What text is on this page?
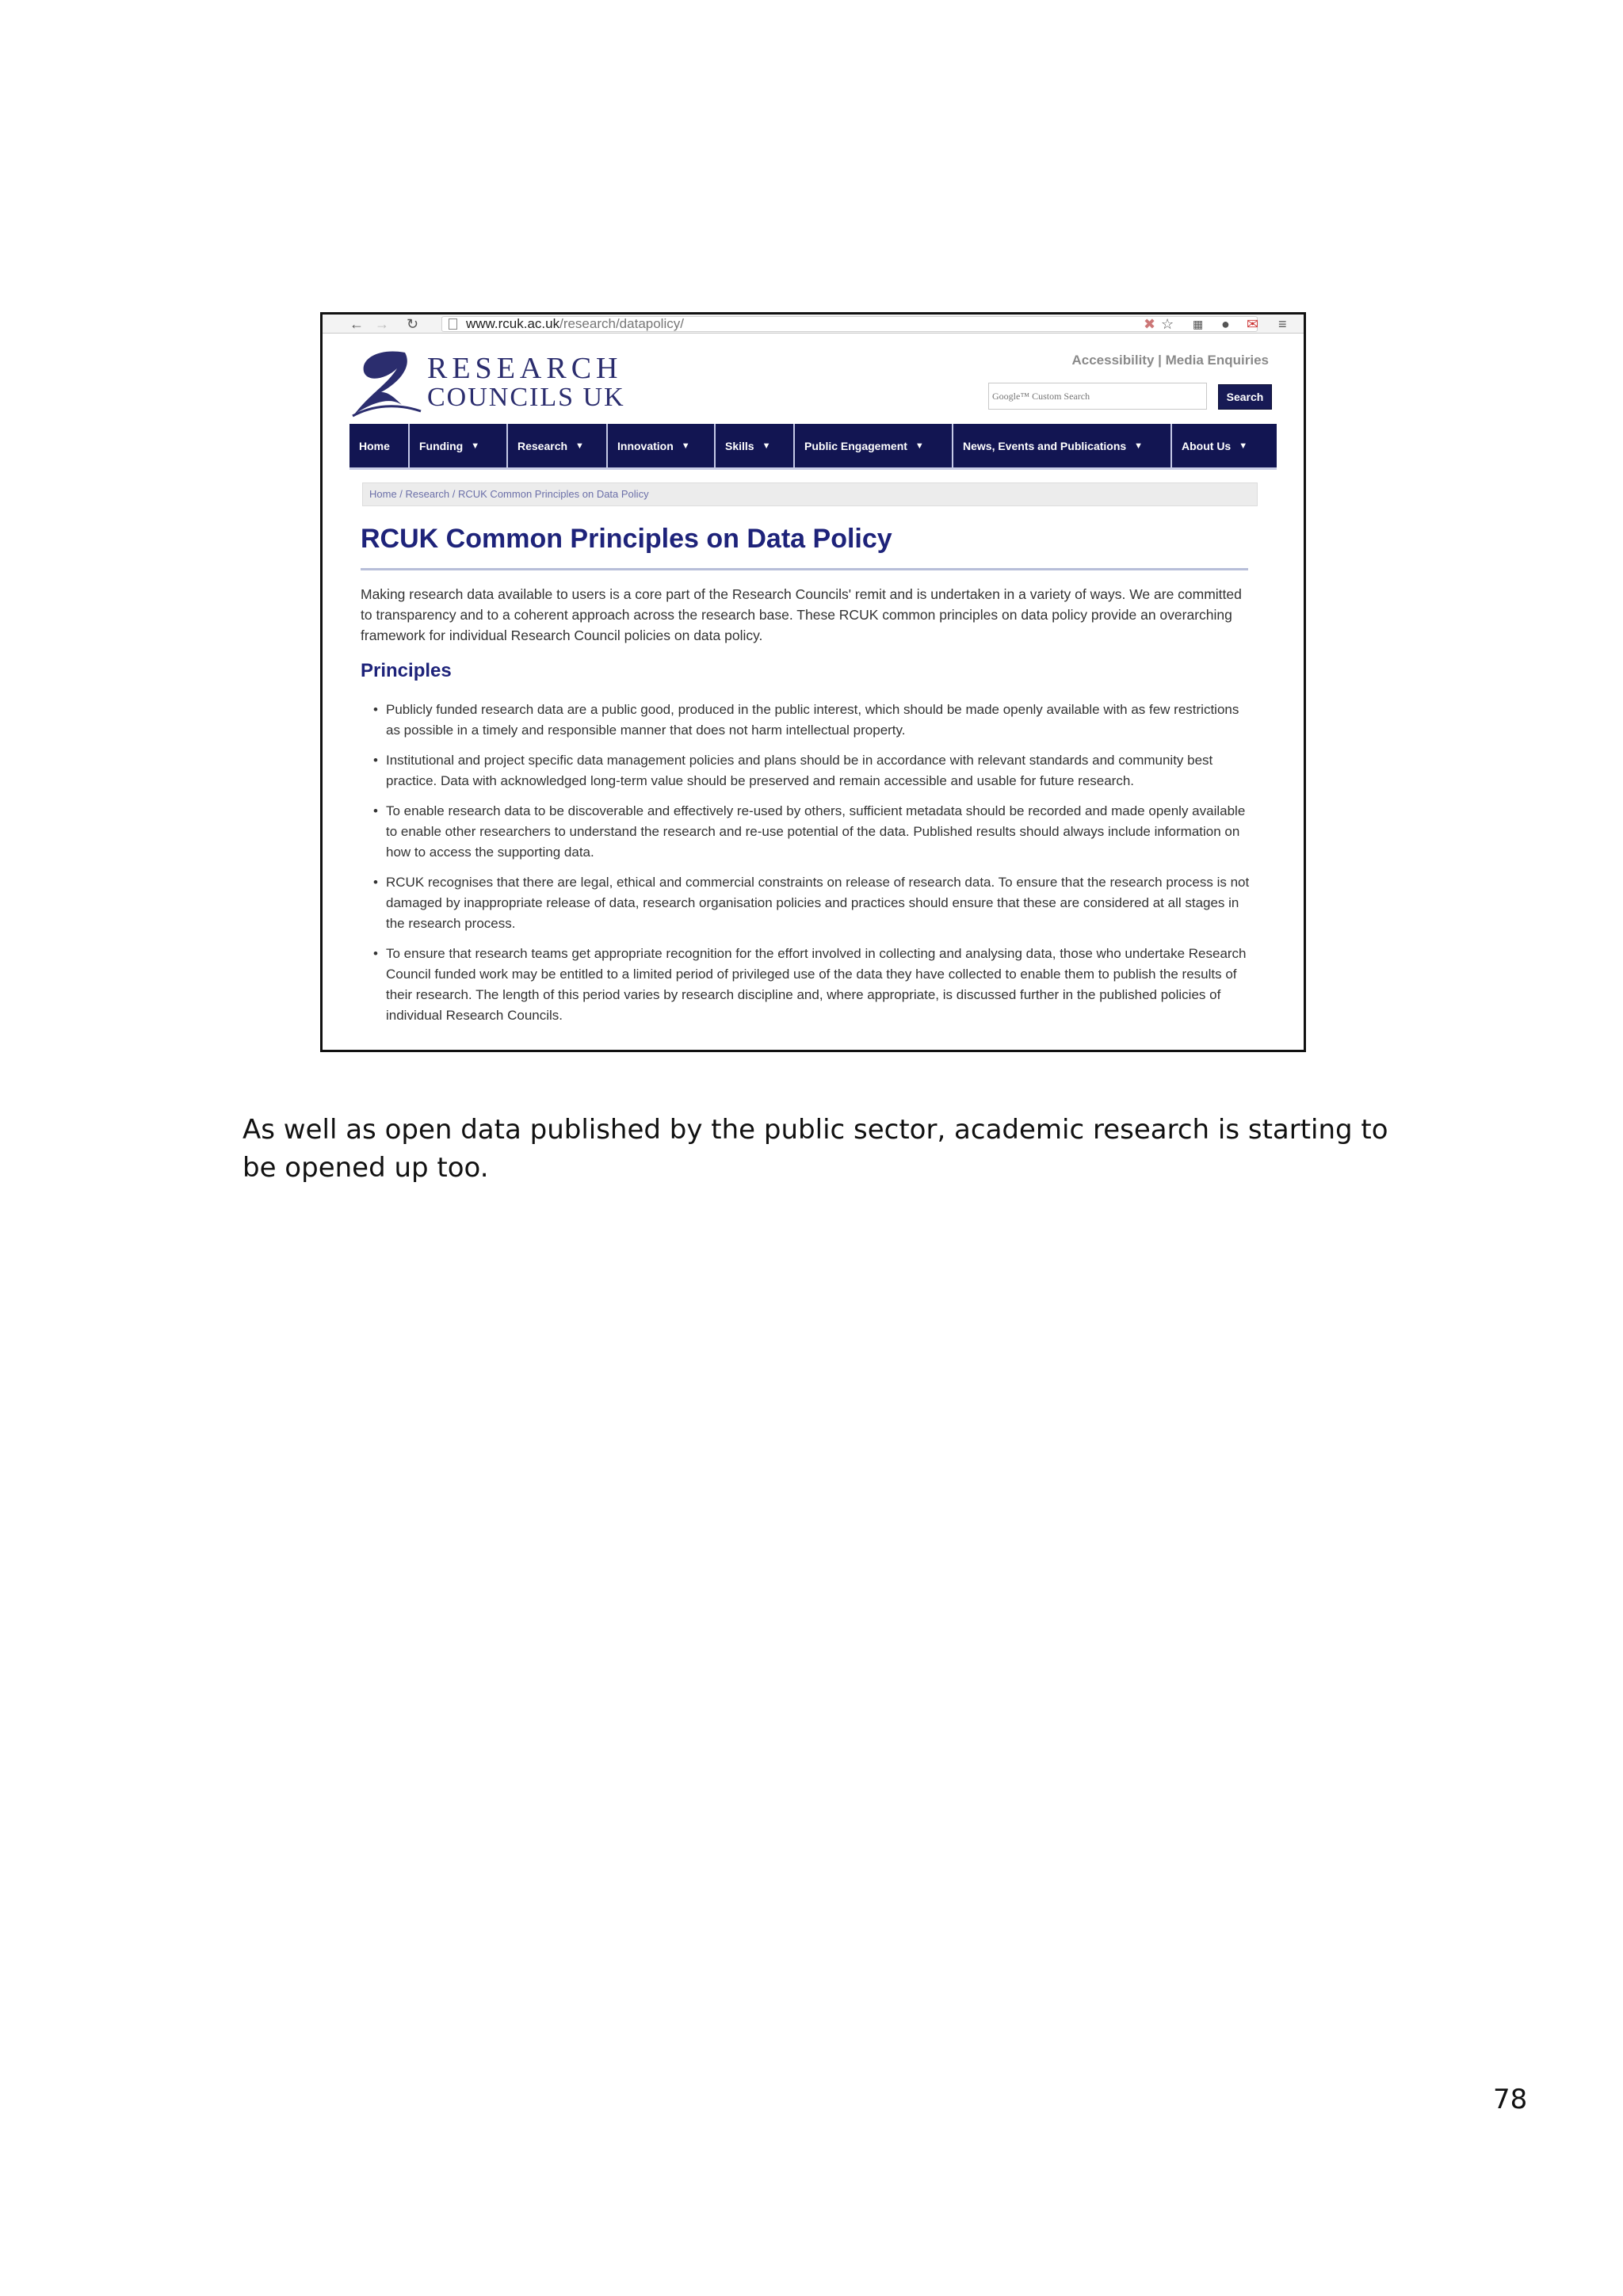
← → ↻	www.rcuk.ac.uk/research/datapolicy/	✖ ☆ ▦ ● ✉ ≡
RESEARCH
COUNCILS UK
Accessibility | Media Enquiries
Google™ Custom Search
Search
Home	Funding ▼	Research ▼	Innovation ▼	Skills ▼	Public Engagement ▼	News, Events and Publications ▼	About Us ▼
Home / Research / RCUK Common Principles on Data Policy
RCUK Common Principles on Data Policy

Making research data available to users is a core part of the Research Councils' remit and is undertaken in a variety of ways. We are committed to transparency and to a coherent approach across the research base. These RCUK common principles on data policy provide an overarching framework for individual Research Council policies on data policy.

Principles
• Publicly funded research data are a public good, produced in the public interest, which should be made openly available with as few restrictions as possible in a timely and responsible manner that does not harm intellectual property.
• Institutional and project specific data management policies and plans should be in accordance with relevant standards and community best practice. Data with acknowledged long-term value should be preserved and remain accessible and usable for future research.
• To enable research data to be discoverable and effectively re-used by others, sufficient metadata should be recorded and made openly available to enable other researchers to understand the research and re-use potential of the data. Published results should always include information on how to access the supporting data.
• RCUK recognises that there are legal, ethical and commercial constraints on release of research data. To ensure that the research process is not damaged by inappropriate release of data, research organisation policies and practices should ensure that these are considered at all stages in the research process.
• To ensure that research teams get appropriate recognition for the effort involved in collecting and analysing data, those who undertake Research Council funded work may be entitled to a limited period of privileged use of the data they have collected to enable them to publish the results of their research. The length of this period varies by research discipline and, where appropriate, is discussed further in the published policies of individual Research Councils.

As well as open data published by the public sector, academic research is starting to be opened up too.

78
